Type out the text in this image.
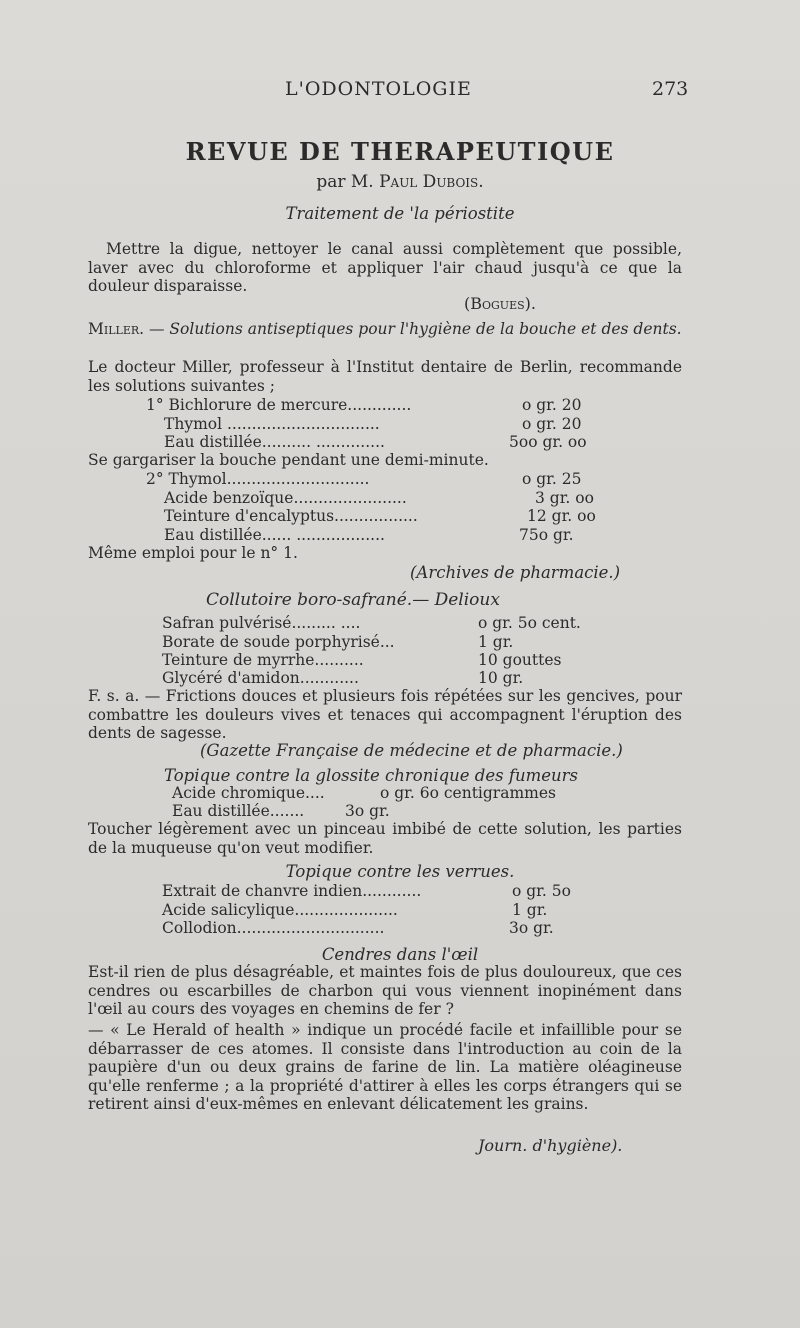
L'ODONTOLOGIE	273
REVUE DE THERAPEUTIQUE
par M. Paul Dubois.
Traitement de 'la périostite
Mettre la digue, nettoyer le canal aussi complètement que possible, laver avec du chloroforme et appliquer l'air chaud jusqu'à ce que la douleur disparaisse.
(Bogues).
Miller. — Solutions antiseptiques pour l'hygiène de la bouche et des dents.
Le docteur Miller, professeur à l'Institut dentaire de Berlin, recommande les solutions suivantes ;
1° Bichlorure de mercure.............	o gr. 20
Thymol ...............................	o gr. 20
Eau distillée.......... ..............	5oo gr. oo
Se gargariser la bouche pendant une demi-minute.
2° Thymol.............................	o gr. 25
Acide benzoïque.......................	3 gr. oo
Teinture d'encalyptus.................	12 gr. oo
Eau distillée...... ..................	75o gr.
Même emploi pour le n° 1.
(Archives de pharmacie.)
Collutoire boro-safrané.— Delioux
Safran pulvérisé......... ....	o gr. 5o cent.
Borate de soude porphyrisé...	1 gr.
Teinture de myrrhe..........	10 gouttes
Glycéré d'amidon............	10 gr.
F. s. a. — Frictions douces et plusieurs fois répétées sur les gencives, pour combattre les douleurs vives et tenaces qui accompagnent l'éruption des dents de sagesse.
(Gazette Française de médecine et de pharmacie.)
Topique contre la glossite chronique des fumeurs
Acide chromique....	o gr. 6o centigrammes
Eau distillée.......	3o gr.
Toucher légèrement avec un pinceau imbibé de cette solution, les parties de la muqueuse qu'on veut modifier.
Topique contre les verrues.
Extrait de chanvre indien............	o gr. 5o
Acide salicylique.....................	1 gr.
Collodion..............................	3o gr.
Cendres dans l'œil
Est-il rien de plus désagréable, et maintes fois de plus douloureux, que ces cendres ou escarbilles de charbon qui vous viennent inopinément dans l'œil au cours des voyages en chemins de fer ?
— « Le Herald of health » indique un procédé facile et infaillible pour se débarrasser de ces atomes. Il consiste dans l'introduction au coin de la paupière d'un ou deux grains de farine de lin. La matière oléagineuse qu'elle renferme ; a la propriété d'attirer à elles les corps étrangers qui se retirent ainsi d'eux-mêmes en enlevant délicatement les grains.
Journ. d'hygiène).
